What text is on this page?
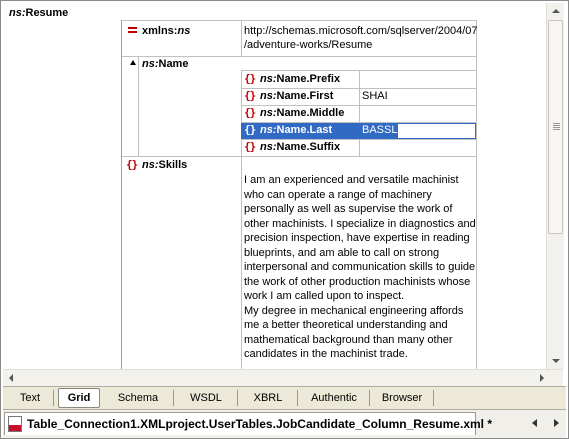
ns:Resume
xmlns:ns	http://schemas.microsoft.com/sqlserver/2004/07
/adventure-works/Resume
ns:Name
{} ns:Name.Prefix
{} ns:Name.First	SHAI
{} ns:Name.Middle
{} ns:Name.Last	BASSLI
{} ns:Name.Suffix
{} ns:Skills
I am an experienced and versatile machinist
who can operate a range of machinery
personally as well as supervise the work of
other machinists. I specialize in diagnostics and
precision inspection, have expertise in reading
blueprints, and am able to call on strong
interpersonal and communication skills to guide
the work of other production machinists whose
work I am called upon to inspect.
My degree in mechanical engineering affords
me a better theoretical understanding and
mathematical background than many other
candidates in the machinist trade.
Text	Grid	Schema	WSDL	XBRL	Authentic	Browser
Table_Connection1.XMLproject.UserTables.JobCandidate_Column_Resume.xml *
